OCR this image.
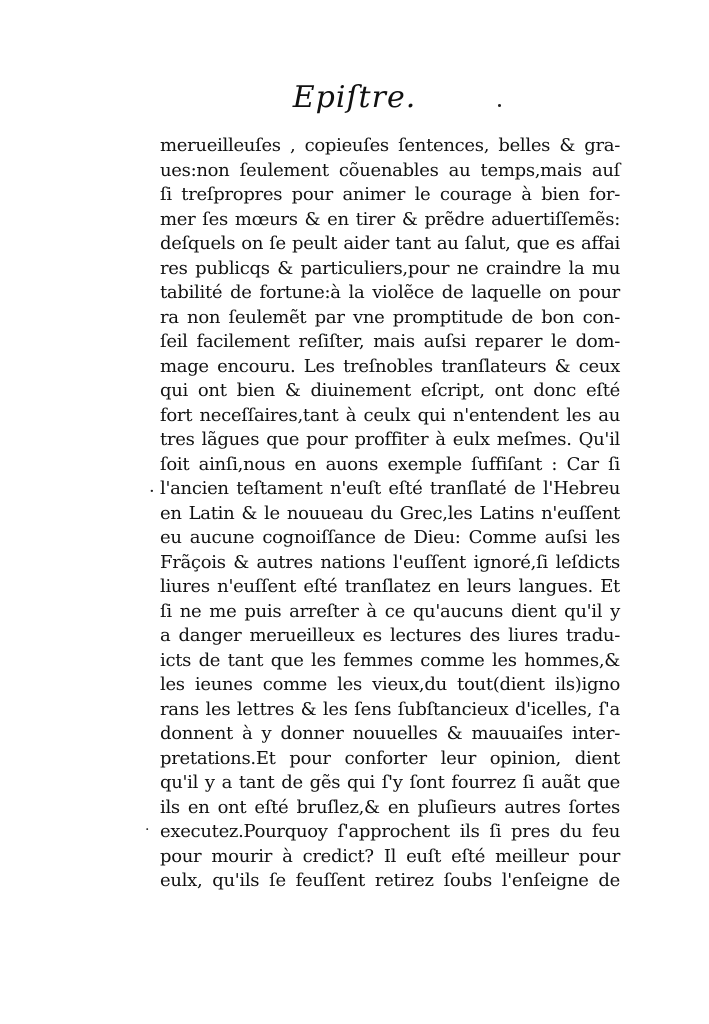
Epiſtre.
merueilleuſes , copieuſes ſentences, belles & gra-
ues:non ſeulement cõuenables au temps,mais auſ
ſi treſpropres pour animer le courage à bien for-
mer ſes mœurs & en tirer & prẽdre aduertiſſemẽs:
deſquels on ſe peult aider tant au ſalut, que es affai
res publicqs & particuliers,pour ne craindre la mu
tabilité de fortune:à la violẽce de laquelle on pour
ra non ſeulemẽt par vne promptitude de bon con-
ſeil facilement reſiſter, mais auſsi reparer le dom-
mage encouru. Les treſnobles tranſlateurs & ceux
qui ont bien & diuinement eſcript, ont donc eſté
fort neceſſaires,tant à ceulx qui n'entendent les au
tres lãgues que pour proffiter à eulx meſmes. Qu'il
ſoit ainſi,nous en auons exemple ſuffiſant : Car ſi
l'ancien teſtament n'euſt eſté tranſlaté de l'Hebreu
en Latin & le nouueau du Grec,les Latins n'euſſent
eu aucune cognoiſſance de Dieu: Comme auſsi les
Frãçois & autres nations l'euſſent ignoré,ſi leſdicts
liures n'euſſent eſté tranſlatez en leurs langues. Et
ſi ne me puis arreſter à ce qu'aucuns dient qu'il y
a danger merueilleux es lectures des liures tradu-
icts de tant que les femmes comme les hommes,&
les ieunes comme les vieux,du tout(dient ils)igno
rans les lettres & les ſens ſubſtancieux d'icelles, ſ'a
donnent à y donner nouuelles & mauuaiſes inter-
pretations.Et pour conforter leur opinion, dient
qu'il y a tant de gẽs qui ſ'y ſont fourrez ſi auãt que
ils en ont eſté bruſlez,& en pluſieurs autres ſortes
executez.Pourquoy ſ'approchent ils ſi pres du feu
pour mourir à credict? Il euſt eſté meilleur pour
eulx, qu'ils ſe feuſſent retirez ſoubs l'enſeigne de
·
·
